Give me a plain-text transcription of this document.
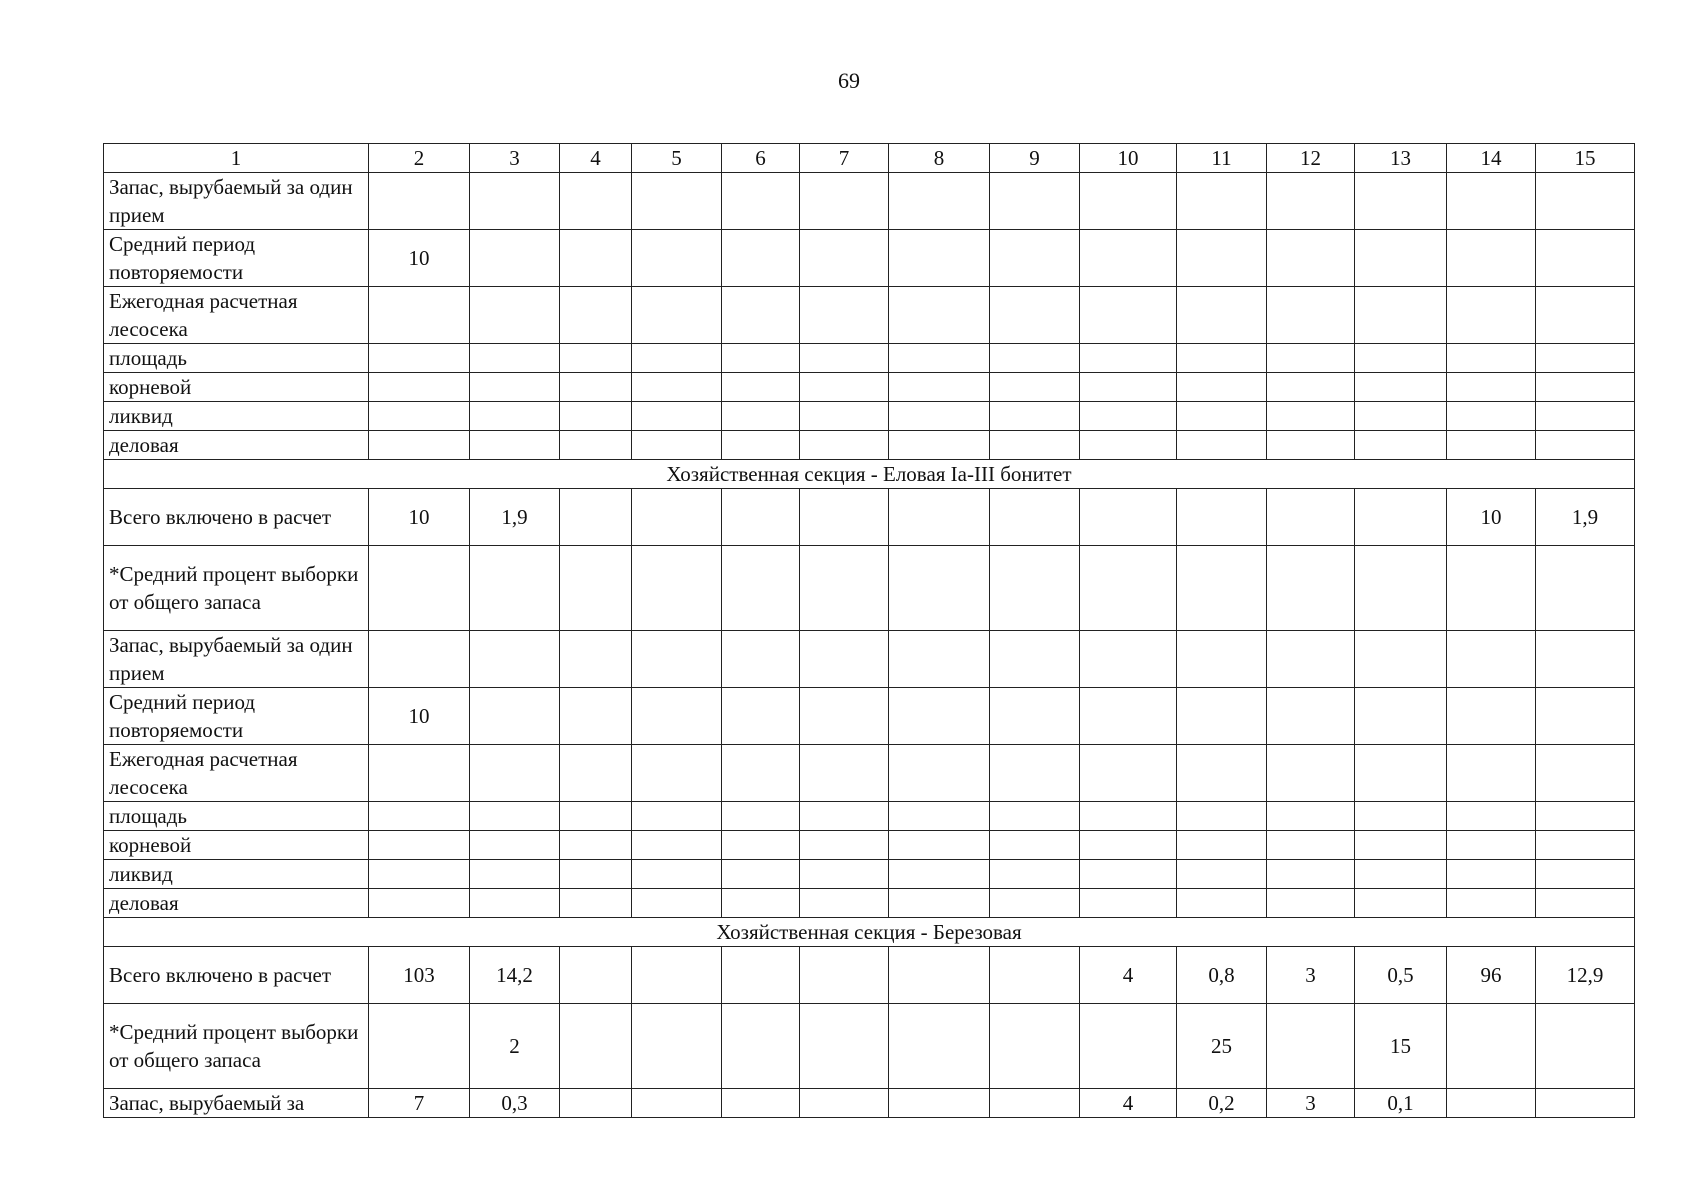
69
1	2	3	4	5	6	7	8	9	10	11	12	13	14	15
Запас, вырубаемый за один прием														
Средний период повторяемости	10													
Ежегодная расчетная лесосека														
площадь														
корневой														
ликвид														
деловая														
Хозяйственная секция - Еловая Iа-III бонитет														
Всего включено в расчет	10	1,9											10	1,9
*Средний процент выборки от общего запаса														
Запас, вырубаемый за один прием														
Средний период повторяемости	10													
Ежегодная расчетная лесосека														
площадь														
корневой														
ликвид														
деловая														
Хозяйственная секция - Березовая														
Всего включено в расчет	103	14,2							4	0,8	3	0,5	96	12,9
*Средний процент выборки от общего запаса		2								25		15		
Запас, вырубаемый за	7	0,3							4	0,2	3	0,1		
